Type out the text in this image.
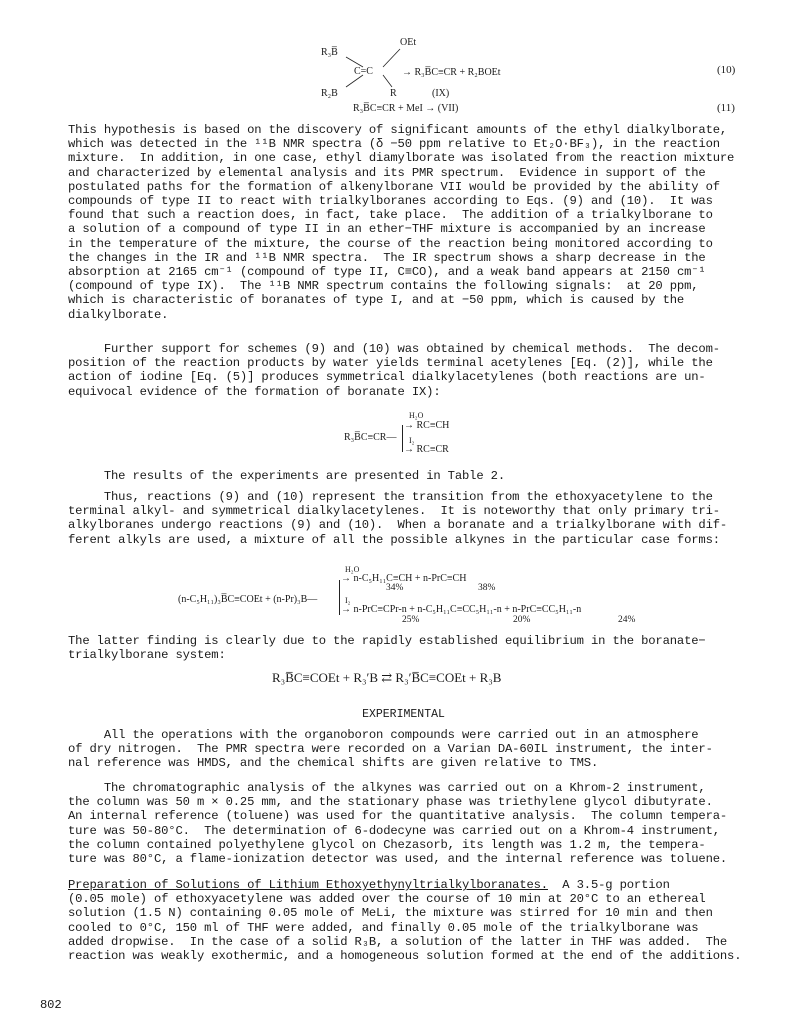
R₃B̅
OEt
C=C	→ R₃B̅C≡CR + R₂BOEt	(10)
R₂B	R	(IX)
R₃B̅C≡CR + MeI → (VII)	(11)

This hypothesis is based on the discovery of significant amounts of the ethyl dialkylborate,
which was detected in the ¹¹B NMR spectra (δ −50 ppm relative to Et₂O·BF₃), in the reaction
mixture.  In addition, in one case, ethyl diamylborate was isolated from the reaction mixture
and characterized by elemental analysis and its PMR spectrum.  Evidence in support of the
postulated paths for the formation of alkenylborane VII would be provided by the ability of
compounds of type II to react with trialkylboranes according to Eqs. (9) and (10).  It was
found that such a reaction does, in fact, take place.  The addition of a trialkylborane to
a solution of a compound of type II in an ether−THF mixture is accompanied by an increase
in the temperature of the mixture, the course of the reaction being monitored according to
the changes in the IR and ¹¹B NMR spectra.  The IR spectrum shows a sharp decrease in the
absorption at 2165 cm⁻¹ (compound of type II, C≡CO), and a weak band appears at 2150 cm⁻¹
(compound of type IX).  The ¹¹B NMR spectrum contains the following signals:  at 20 ppm,
which is characteristic of boranates of type I, and at −50 ppm, which is caused by the
dialkylborate.

Further support for schemes (9) and (10) was obtained by chemical methods.  The decom-
position of the reaction products by water yields terminal acetylenes [Eq. (2)], while the
action of iodine [Eq. (5)] produces symmetrical dialkylacetylenes (both reactions are un-
equivocal evidence of the formation of boranate IX):

R₃B̅C≡CR—
H₂O
→ RC≡CH
I₂
→ RC≡CR

The results of the experiments are presented in Table 2.

Thus, reactions (9) and (10) represent the transition from the ethoxyacetylene to the
terminal alkyl- and symmetrical dialkylacetylenes.  It is noteworthy that only primary tri-
alkylboranes undergo reactions (9) and (10).  When a boranate and a trialkylborane with dif-
ferent alkyls are used, a mixture of all the possible alkynes in the particular case forms:

(n-C₅H₁₁)₃B̅C≡COEt + (n-Pr)₃B—
H₂O
→ n-C₅H₁₁C≡CH + n-PrC≡CH
34%	38%
I₂
→ n-PrC≡CPr-n + n-C₅H₁₁C≡CC₅H₁₁-n + n-PrC≡CC₅H₁₁-n
25%	20%	24%

The latter finding is clearly due to the rapidly established equilibrium in the boranate−
trialkylborane system:

R₃B̅C≡COEt + R₃′B ⇄ R₃′B̅C≡COEt + R₃B
EXPERIMENTAL

All the operations with the organoboron compounds were carried out in an atmosphere
of dry nitrogen.  The PMR spectra were recorded on a Varian DA-60IL instrument, the inter-
nal reference was HMDS, and the chemical shifts are given relative to TMS.

The chromatographic analysis of the alkynes was carried out on a Khrom-2 instrument,
the column was 50 m × 0.25 mm, and the stationary phase was triethylene glycol dibutyrate.
An internal reference (toluene) was used for the quantitative analysis.  The column tempera-
ture was 50-80°C.  The determination of 6-dodecyne was carried out on a Khrom-4 instrument,
the column contained polyethylene glycol on Chezasorb, its length was 1.2 m, the tempera-
ture was 80°C, a flame-ionization detector was used, and the internal reference was toluene.

Preparation of Solutions of Lithium Ethoxyethynyltrialkylboranates.  A 3.5-g portion
(0.05 mole) of ethoxyacetylene was added over the course of 10 min at 20°C to an ethereal
solution (1.5 N) containing 0.05 mole of MeLi, the mixture was stirred for 10 min and then
cooled to 0°C, 150 ml of THF were added, and finally 0.05 mole of the trialkylborane was
added dropwise.  In the case of a solid R₃B, a solution of the latter in THF was added.  The
reaction was weakly exothermic, and a homogeneous solution formed at the end of the additions.

802
